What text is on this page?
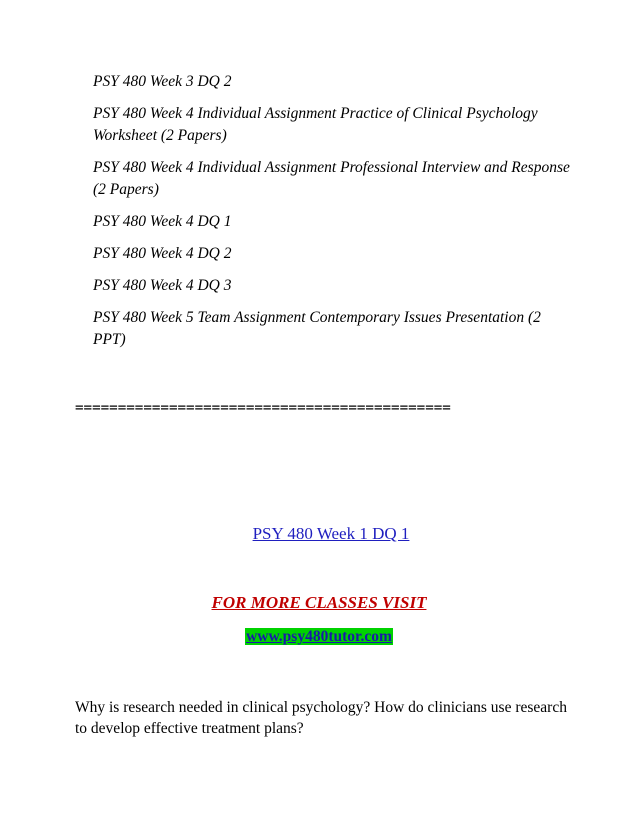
PSY 480 Week 3 DQ 2
PSY 480 Week 4 Individual Assignment Practice of Clinical Psychology Worksheet (2 Papers)
PSY 480 Week 4 Individual Assignment Professional Interview and Response (2 Papers)
PSY 480 Week 4 DQ 1
PSY 480 Week 4 DQ 2
PSY 480 Week 4 DQ 3
PSY 480 Week 5 Team Assignment Contemporary Issues Presentation (2 PPT)
============================================
PSY 480 Week 1 DQ 1
FOR MORE CLASSES VISIT
www.psy480tutor.com

Why is research needed in clinical psychology? How do clinicians use research to develop effective treatment plans?
